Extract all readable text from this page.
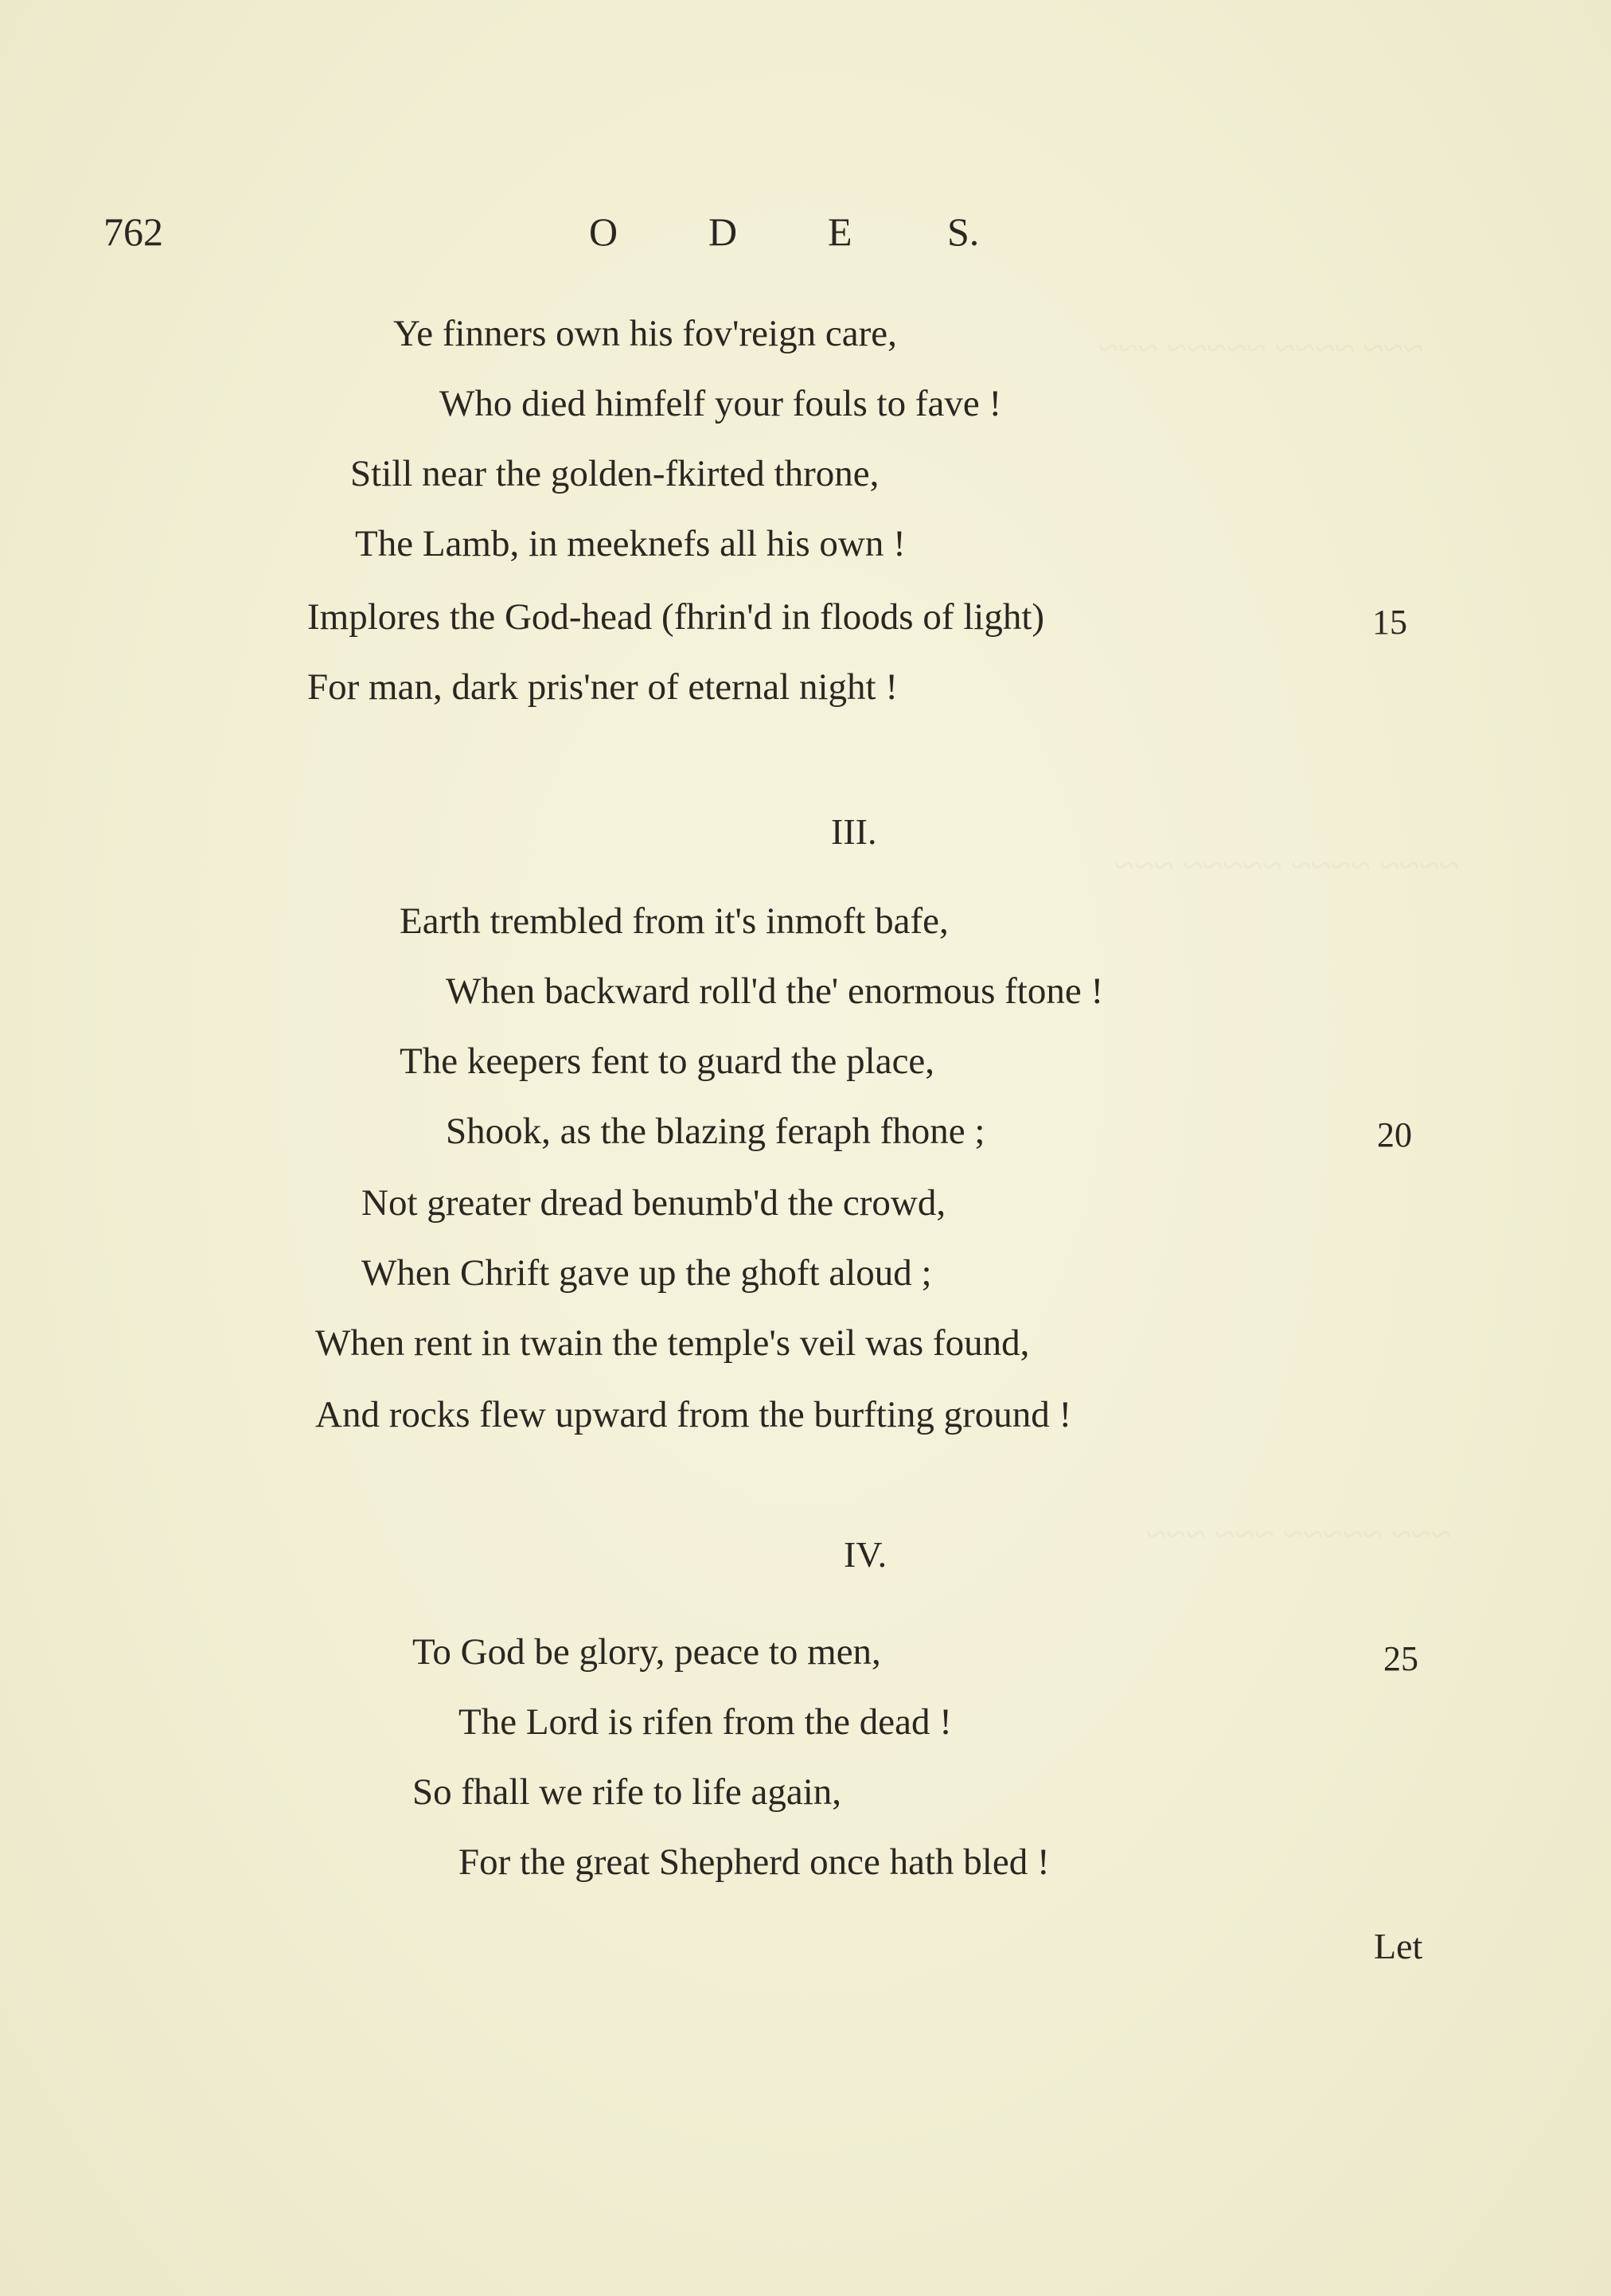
~~~ ~~~~ ~~~~~ ~~~
~~~~ ~~~~ ~~~~~ ~~~
~~~ ~~~~~ ~~~ ~~~
762	O D E S.
Ye finners own his fov'reign care,
Who died himfelf your fouls to fave !
Still near the golden-fkirted throne,
The Lamb, in meeknefs all his own !
Implores the God-head (fhrin'd in floods of light)	15
For man, dark pris'ner of eternal night !
III.
Earth trembled from it's inmoft bafe,
When backward roll'd the' enormous ftone !
The keepers fent to guard the place,
Shook, as the blazing feraph fhone ;	20
Not greater dread benumb'd the crowd,
When Chrift gave up the ghoft aloud ;
When rent in twain the temple's veil was found,
And rocks flew upward from the burfting ground !
IV.
To God be glory, peace to men,	25
The Lord is rifen from the dead !
So fhall we rife to life again,
For the great Shepherd once hath bled !
Let
